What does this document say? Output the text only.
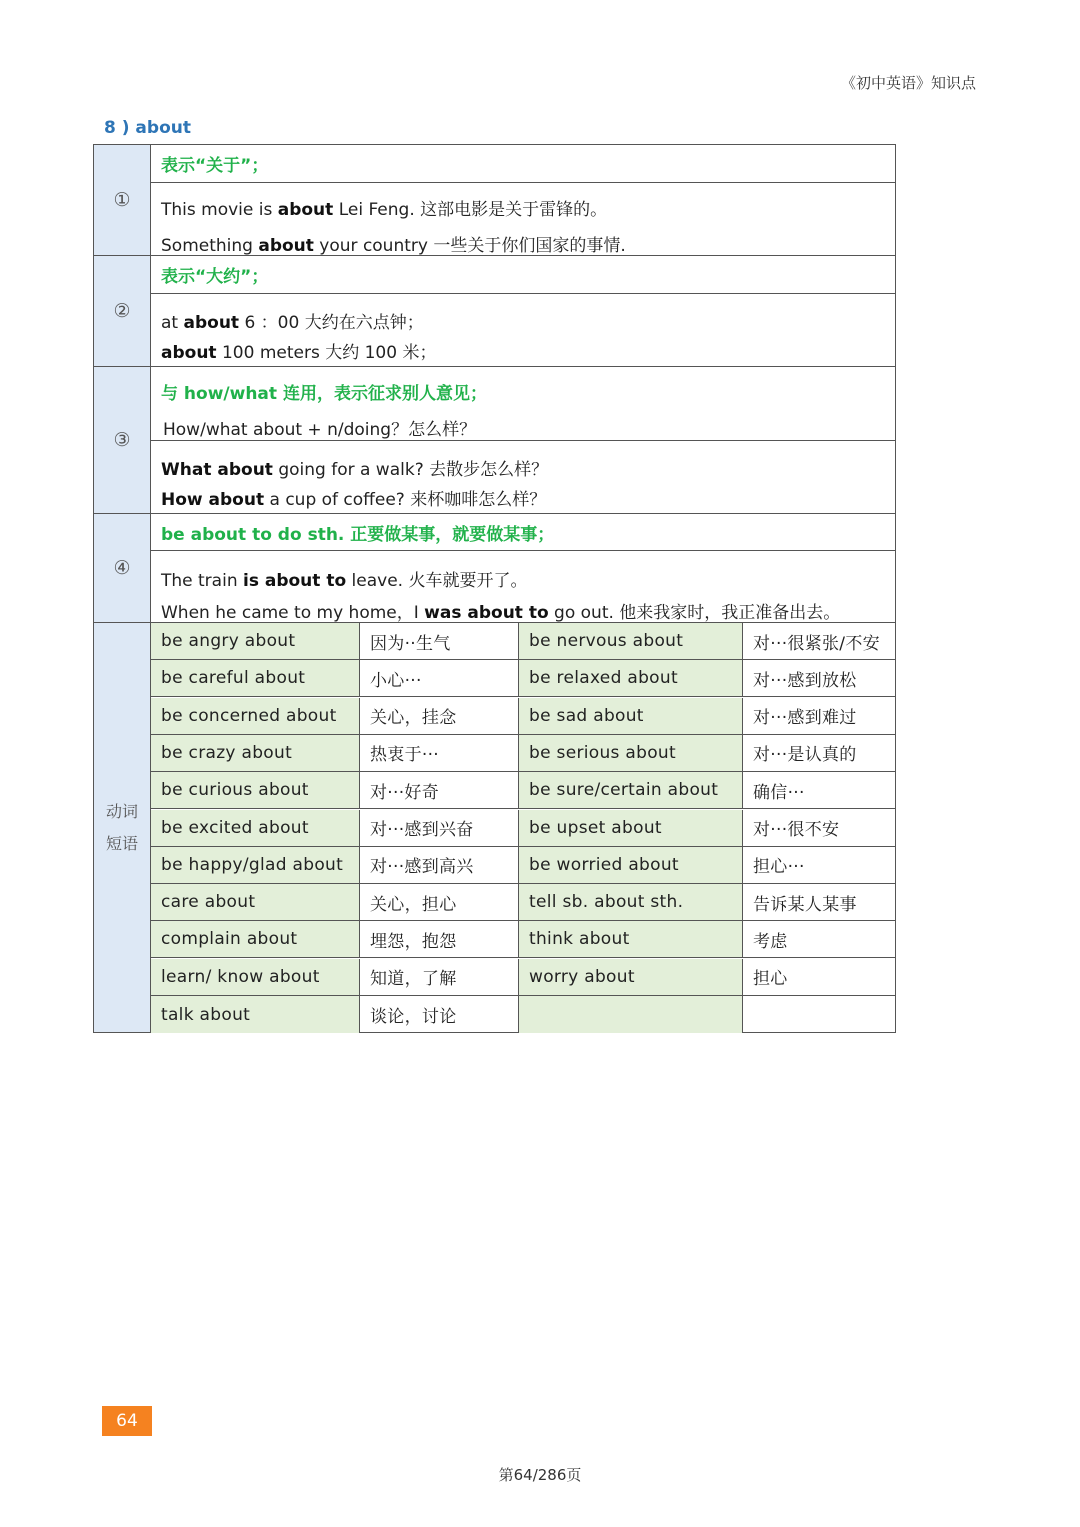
《初中英语》知识点
8 ) about
①
表示“关于”；
This movie is about Lei Feng. 这部电影是关于雷锋的。
Something about your country 一些关于你们国家的事情.
②
表示“大约”；
at about 6 ：00 大约在六点钟；
about 100 meters 大约 100 米；
③
与 how/what 连用，表示征求别人意见；
How/what about + n/doing？怎么样？
What about going for a walk? 去散步怎么样？
How about a cup of coffee? 来杯咖啡怎么样？
④
be about to do sth. 正要做某事，就要做某事；
The train is about to leave. 火车就要开了。
When he came to my home，I was about to go out. 他来我家时，我正准备出去。
动词
短语
be angry about	因为··生气	be nervous about	对···很紧张/不安
be careful about	小心···	be relaxed about	对···感到放松
be concerned about	关心，挂念	be sad about	对···感到难过
be crazy about	热衷于···	be serious about	对···是认真的
be curious about	对···好奇	be sure/certain about	确信···
be excited about	对···感到兴奋	be upset about	对···很不安
be happy/glad about	对···感到高兴	be worried about	担心···
care about	关心，担心	tell sb. about sth.	告诉某人某事
complain about	埋怨，抱怨	think about	考虑
learn/ know about	知道，了解	worry about	担心
talk about	谈论，讨论
64
第64/286页
